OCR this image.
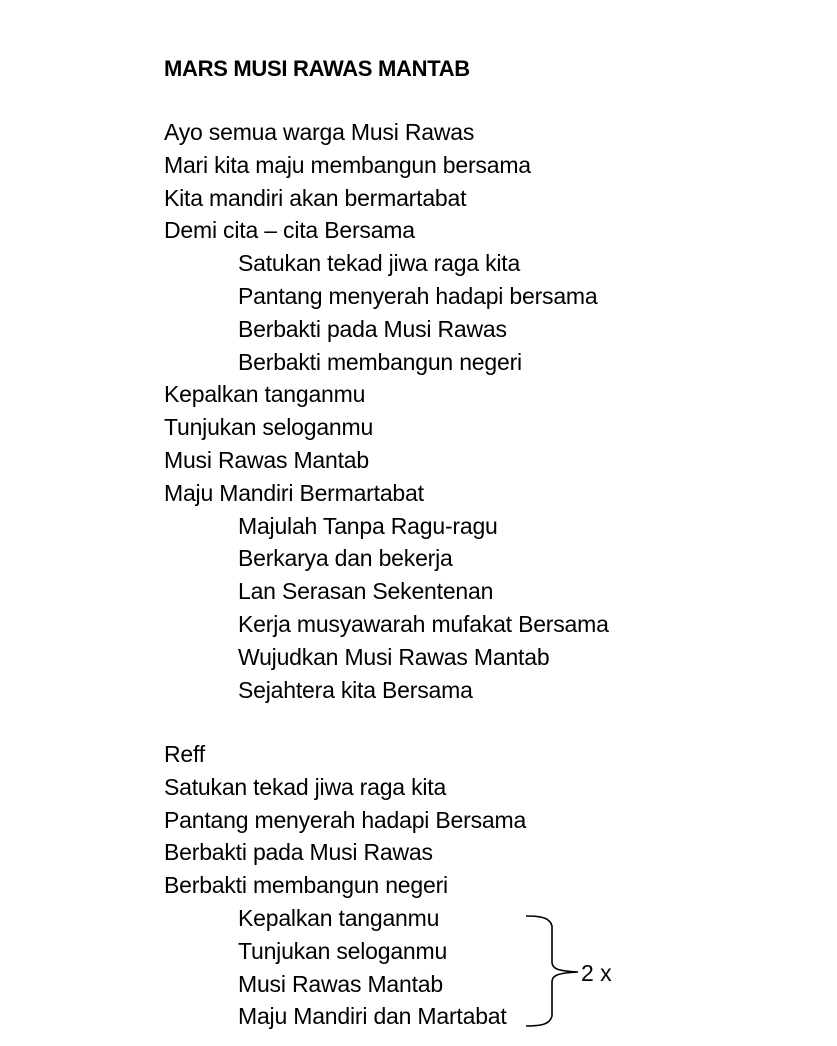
MARS MUSI RAWAS MANTAB
Ayo semua warga Musi Rawas
Mari kita maju membangun bersama
Kita mandiri akan bermartabat
Demi cita – cita Bersama
Satukan tekad jiwa raga kita
Pantang menyerah hadapi bersama
Berbakti pada Musi Rawas
Berbakti membangun negeri
Kepalkan tanganmu
Tunjukan seloganmu
Musi Rawas Mantab
Maju Mandiri Bermartabat
Majulah Tanpa Ragu-ragu
Berkarya dan bekerja
Lan Serasan Sekentenan
Kerja musyawarah mufakat Bersama
Wujudkan Musi Rawas Mantab
Sejahtera kita Bersama
Reff
Satukan tekad jiwa raga kita
Pantang menyerah hadapi Bersama
Berbakti pada Musi Rawas
Berbakti membangun negeri
Kepalkan tanganmu
Tunjukan seloganmu
Musi Rawas Mantab
Maju Mandiri dan Martabat
2 x
